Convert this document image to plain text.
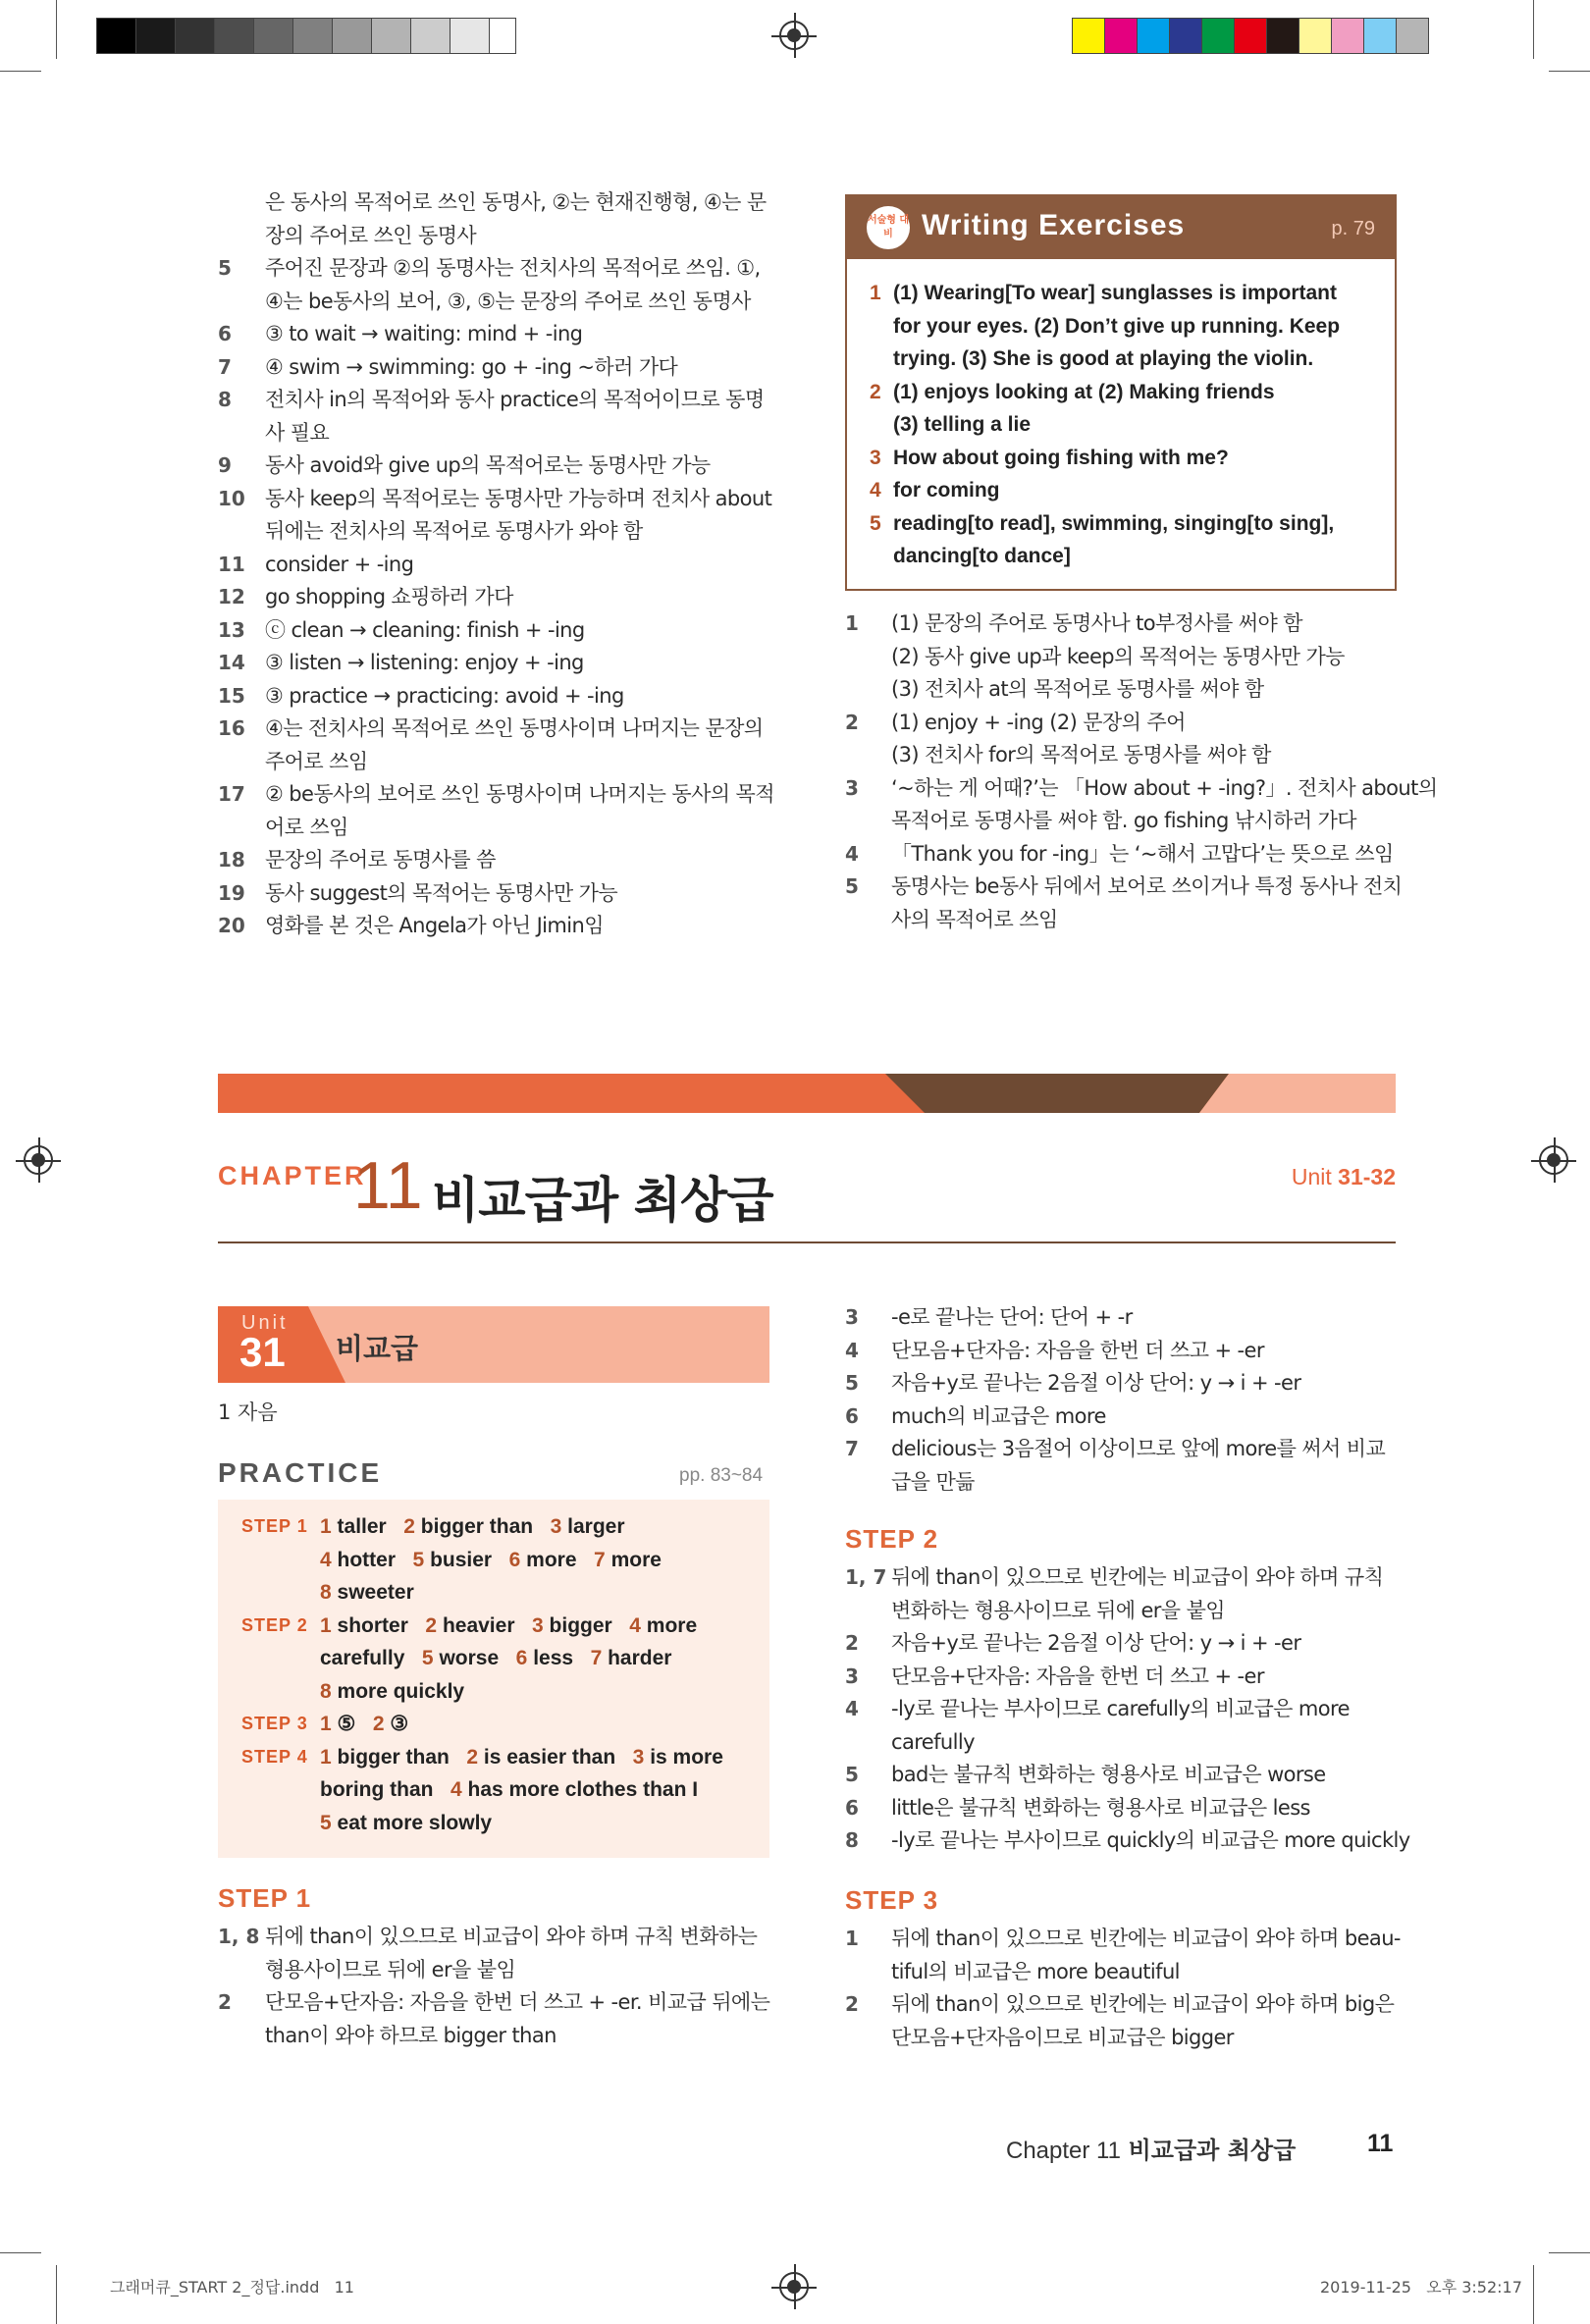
은 동사의 목적어로 쓰인 동명사, ②는 현재진행형, ④는 문
장의 주어로 쓰인 동명사
5 주어진 문장과 ②의 동명사는 전치사의 목적어로 쓰임. ①,
④는 be동사의 보어, ③, ⑤는 문장의 주어로 쓰인 동명사
6 ③ to wait → waiting: mind + -ing
7 ④ swim → swimming: go + -ing ~하러 가다
8 전치사 in의 목적어와 동사 practice의 목적어이므로 동명
사 필요
9 동사 avoid와 give up의 목적어로는 동명사만 가능
10 동사 keep의 목적어로는 동명사만 가능하며 전치사 about
뒤에는 전치사의 목적어로 동명사가 와야 함
11 consider + -ing
12 go shopping 쇼핑하러 가다
13 ⓒ clean → cleaning: finish + -ing
14 ③ listen → listening: enjoy + -ing
15 ③ practice → practicing: avoid + -ing
16 ④는 전치사의 목적어로 쓰인 동명사이며 나머지는 문장의
주어로 쓰임
17 ② be동사의 보어로 쓰인 동명사이며 나머지는 동사의 목적
어로 쓰임
18 문장의 주어로 동명사를 씀
19 동사 suggest의 목적어는 동명사만 가능
20 영화를 본 것은 Angela가 아닌 Jimin임
서술형 대비 Writing Exercises	p. 79
1 (1) 문장의 주어로 동명사나 to부정사를 써야 함
(2) 동사 give up과 keep의 목적어는 동명사만 가능
(3) 전치사 at의 목적어로 동명사를 써야 함
2 (1) enjoy + -ing (2) 문장의 주어
(3) 전치사 for의 목적어로 동명사를 써야 함
3 ‘~하는 게 어때?’는 「How about + -ing?」. 전치사 about의
목적어로 동명사를 써야 함. go fishing 낚시하러 가다
4 「Thank you for -ing」는 ‘~해서 고맙다’는 뜻으로 쓰임
5 동명사는 be동사 뒤에서 보어로 쓰이거나 특정 동사나 전치
사의 목적어로 쓰임
CHAPTER
11 비교급과 최상급	Unit 31-32
Unit
31 비교급
1 자음
PRACTICE	pp. 83~84
STEP 1 1 taller 2 bigger than 3 larger
4 hotter 5 busier 6 more 7 more
8 sweeter
STEP 2 1 shorter 2 heavier 3 bigger 4 more
carefully 5 worse 6 less 7 harder
8 more quickly
STEP 3 1 ⑤ 2 ③
STEP 4 1 bigger than 2 is easier than 3 is more
boring than 4 has more clothes than I
5 eat more slowly
STEP 1
1, 8 뒤에 than이 있으므로 비교급이 와야 하며 규칙 변화하는
형용사이므로 뒤에 er을 붙임
2 단모음+단자음: 자음을 한번 더 쓰고 + -er. 비교급 뒤에는
than이 와야 하므로 bigger than
3 -e로 끝나는 단어: 단어 + -r
4 단모음+단자음: 자음을 한번 더 쓰고 + -er
5 자음+y로 끝나는 2음절 이상 단어: y → i + -er
6 much의 비교급은 more
7 delicious는 3음절어 이상이므로 앞에 more를 써서 비교
급을 만듦
STEP 2
1, 7 뒤에 than이 있으므로 빈칸에는 비교급이 와야 하며 규칙
변화하는 형용사이므로 뒤에 er을 붙임
2 자음+y로 끝나는 2음절 이상 단어: y → i + -er
3 단모음+단자음: 자음을 한번 더 쓰고 + -er
4 -ly로 끝나는 부사이므로 carefully의 비교급은 more
carefully
5 bad는 불규칙 변화하는 형용사로 비교급은 worse
6 little은 불규칙 변화하는 형용사로 비교급은 less
8 -ly로 끝나는 부사이므로 quickly의 비교급은 more quickly
STEP 3
1 뒤에 than이 있으므로 빈칸에는 비교급이 와야 하며 beau-
tiful의 비교급은 more beautiful
2 뒤에 than이 있으므로 빈칸에는 비교급이 와야 하며 big은
단모음+단자음이므로 비교급은 bigger
Chapter 11 비교급과 최상급	11
그래머큐_START 2_정답.indd   11	2019-11-25   오후 3:52:17
1 (1) Wearing[To wear] sunglasses is important
for your eyes. (2) Don’t give up running. Keep
trying. (3) She is good at playing the violin.
2 (1) enjoys looking at (2) Making friends
(3) telling a lie
3 How about going fishing with me?
4 for coming
5 reading[to read], swimming, singing[to sing],
dancing[to dance]
